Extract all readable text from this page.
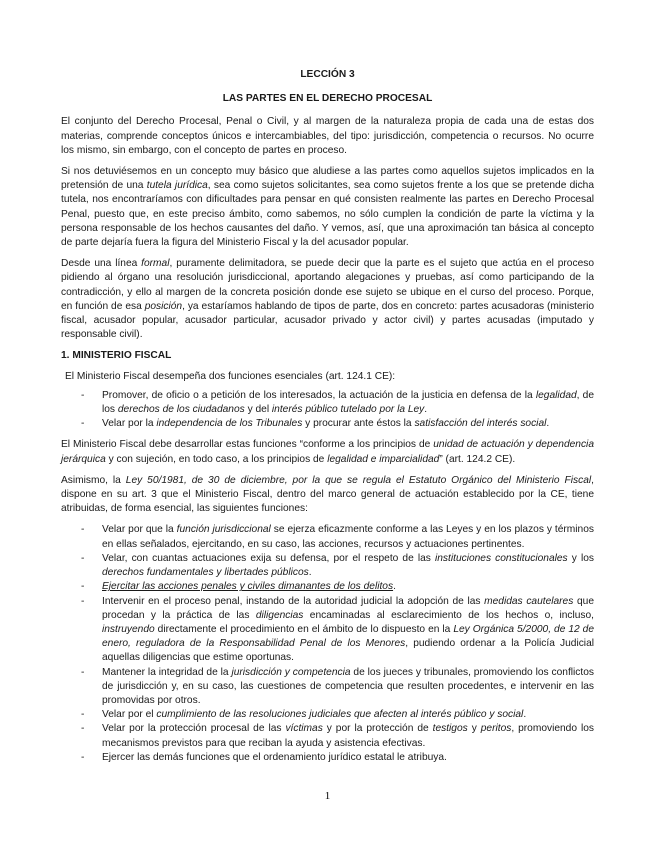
LECCIÓN 3

LAS PARTES EN EL DERECHO PROCESAL

El conjunto del Derecho Procesal, Penal o Civil, y al margen de la naturaleza propia de cada una de estas dos materias, comprende conceptos únicos e intercambiables, del tipo: jurisdicción, competencia o recursos. No ocurre los mismo, sin embargo, con el concepto de partes en proceso.

Si nos detuviésemos en un concepto muy básico que aludiese a las partes como aquellos sujetos implicados en la pretensión de una tutela jurídica, sea como sujetos solicitantes, sea como sujetos frente a los que se pretende dicha tutela, nos encontraríamos con dificultades para pensar en qué consisten realmente las partes en Derecho Procesal Penal, puesto que, en este preciso ámbito, como sabemos, no sólo cumplen la condición de parte la víctima y la persona responsable de los hechos causantes del daño. Y vemos, así, que una aproximación tan básica al concepto de parte dejaría fuera la figura del Ministerio Fiscal y la del acusador popular.

Desde una línea formal, puramente delimitadora, se puede decir que la parte es el sujeto que actúa en el proceso pidiendo al órgano una resolución jurisdiccional, aportando alegaciones y pruebas, así como participando de la contradicción, y ello al margen de la concreta posición donde ese sujeto se ubique en el curso del proceso. Porque, en función de esa posición, ya estaríamos hablando de tipos de parte, dos en concreto: partes acusadoras (ministerio fiscal, acusador popular, acusador particular, acusador privado y actor civil) y partes acusadas (imputado y responsable civil).

1. MINISTERIO FISCAL

El Ministerio Fiscal desempeña dos funciones esenciales (art. 124.1 CE):

- Promover, de oficio o a petición de los interesados, la actuación de la justicia en defensa de la legalidad, de los derechos de los ciudadanos y del interés público tutelado por la Ley.
- Velar por la independencia de los Tribunales y procurar ante éstos la satisfacción del interés social.

El Ministerio Fiscal debe desarrollar estas funciones “conforme a los principios de unidad de actuación y dependencia jerárquica y con sujeción, en todo caso, a los principios de legalidad e imparcialidad” (art. 124.2 CE).

Asimismo, la Ley 50/1981, de 30 de diciembre, por la que se regula el Estatuto Orgánico del Ministerio Fiscal, dispone en su art. 3 que el Ministerio Fiscal, dentro del marco general de actuación establecido por la CE, tiene atribuidas, de forma esencial, las siguientes funciones:

- Velar por que la función jurisdiccional se ejerza eficazmente conforme a las Leyes y en los plazos y términos en ellas señalados, ejercitando, en su caso, las acciones, recursos y actuaciones pertinentes.
- Velar, con cuantas actuaciones exija su defensa, por el respeto de las instituciones constitucionales y los derechos fundamentales y libertades públicos.
- Ejercitar las acciones penales y civiles dimanantes de los delitos.
- Intervenir en el proceso penal, instando de la autoridad judicial la adopción de las medidas cautelares que procedan y la práctica de las diligencias encaminadas al esclarecimiento de los hechos o, incluso, instruyendo directamente el procedimiento en el ámbito de lo dispuesto en la Ley Orgánica 5/2000, de 12 de enero, reguladora de la Responsabilidad Penal de los Menores, pudiendo ordenar a la Policía Judicial aquellas diligencias que estime oportunas.
- Mantener la integridad de la jurisdicción y competencia de los jueces y tribunales, promoviendo los conflictos de jurisdicción y, en su caso, las cuestiones de competencia que resulten procedentes, e intervenir en las promovidas por otros.
- Velar por el cumplimiento de las resoluciones judiciales que afecten al interés público y social.
- Velar por la protección procesal de las víctimas y por la protección de testigos y peritos, promoviendo los mecanismos previstos para que reciban la ayuda y asistencia efectivas.
- Ejercer las demás funciones que el ordenamiento jurídico estatal le atribuya.
1
